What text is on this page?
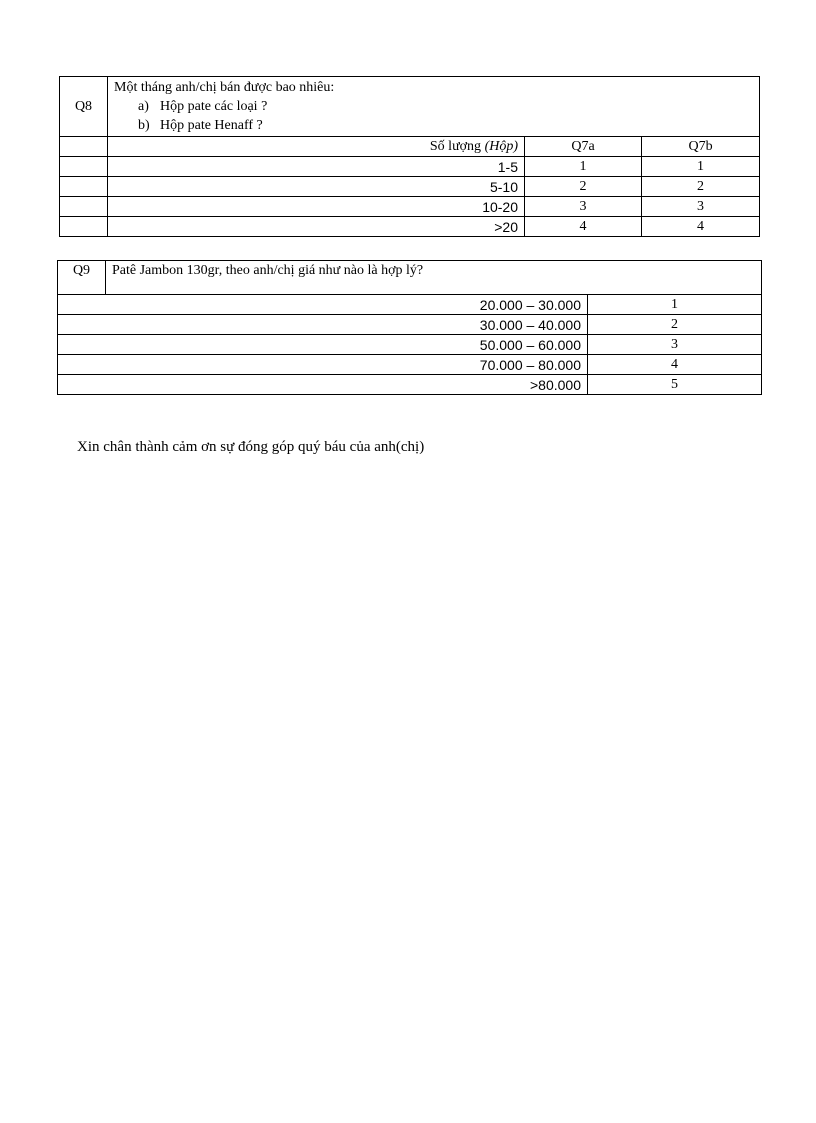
Q8	Một tháng anh/chị bán được bao nhiêu:
a) Hộp pate các loại ?
b) Hộp pate Henaff ?		

	Số lượng (Hộp)	Q7a	Q7b
	1-5	1	1
	5-10	2	2
	10-20	3	3
	>20	4	4
Q9	Patê Jambon 130gr, theo anh/chị giá như nào là hợp lý?	
20.000 – 30.000		1
30.000 – 40.000		2
50.000 – 60.000		3
70.000 – 80.000		4
>80.000		5

Xin chân thành cảm ơn sự đóng góp quý báu của anh(chị)
